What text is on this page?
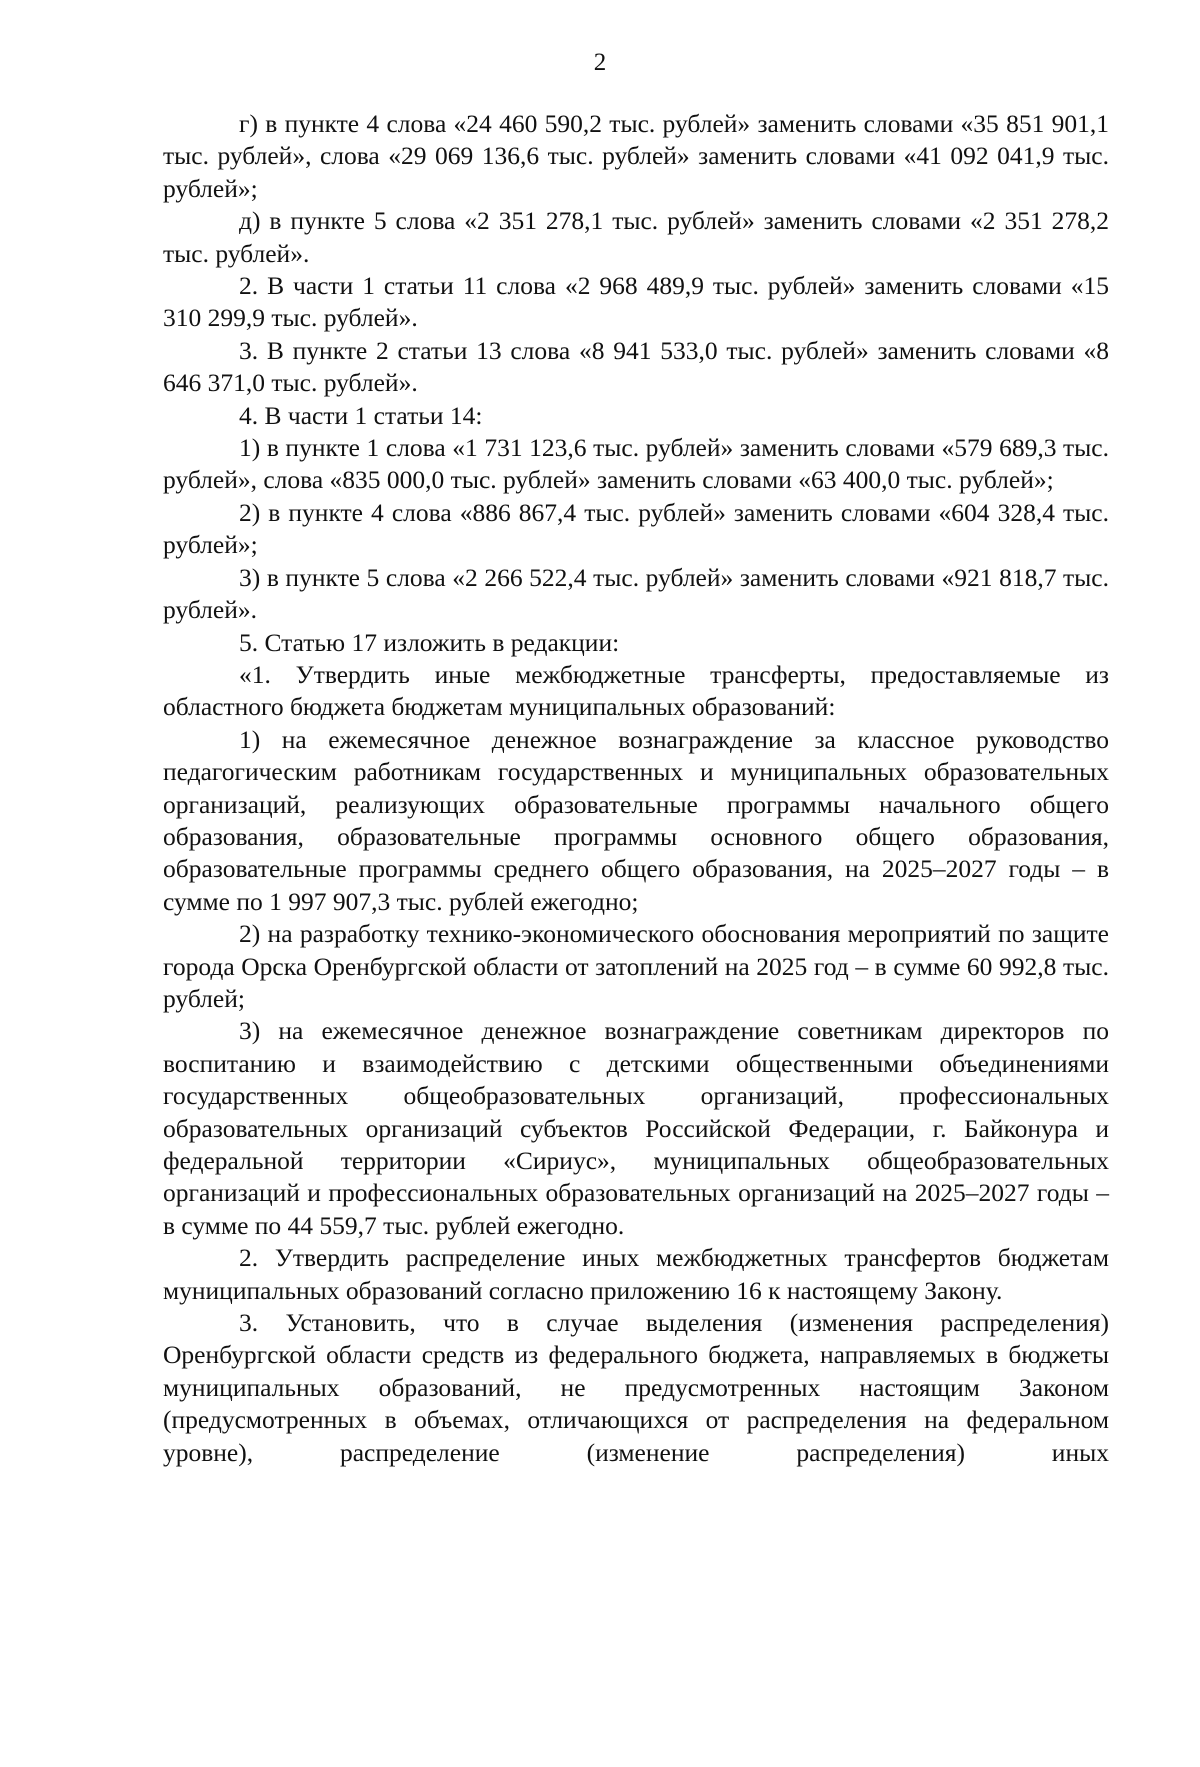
2

г) в пункте 4 слова «24 460 590,2 тыс. рублей» заменить словами «35 851 901,1 тыс. рублей», слова «29 069 136,6 тыс. рублей» заменить словами «41 092 041,9 тыс. рублей»;

д) в пункте 5 слова «2 351 278,1 тыс. рублей» заменить словами «2 351 278,2 тыс. рублей».

2. В части 1 статьи 11 слова «2 968 489,9 тыс. рублей» заменить словами «15 310 299,9 тыс. рублей».

3. В пункте 2 статьи 13 слова «8 941 533,0 тыс. рублей» заменить словами «8 646 371,0 тыс. рублей».

4. В части 1 статьи 14:

1) в пункте 1 слова «1 731 123,6 тыс. рублей» заменить словами «579 689,3 тыс. рублей», слова «835 000,0 тыс. рублей» заменить словами «63 400,0 тыс. рублей»;

2) в пункте 4 слова «886 867,4 тыс. рублей» заменить словами «604 328,4 тыс. рублей»;

3) в пункте 5 слова «2 266 522,4 тыс. рублей» заменить словами «921 818,7 тыс. рублей».

5. Статью 17 изложить в редакции:

«1. Утвердить иные межбюджетные трансферты, предоставляемые из областного бюджета бюджетам муниципальных образований:

1) на ежемесячное денежное вознаграждение за классное руководство педагогическим работникам государственных и муниципальных образовательных организаций, реализующих образовательные программы начального общего образования, образовательные программы основного общего образования, образовательные программы среднего общего образования, на 2025–2027 годы – в сумме по 1 997 907,3 тыс. рублей ежегодно;

2) на разработку технико-экономического обоснования мероприятий по защите города Орска Оренбургской области от затоплений на 2025 год – в сумме 60 992,8 тыс. рублей;

3) на ежемесячное денежное вознаграждение советникам директоров по воспитанию и взаимодействию с детскими общественными объединениями государственных общеобразовательных организаций, профессиональных образовательных организаций субъектов Российской Федерации, г. Байконура и федеральной территории «Сириус», муниципальных общеобразовательных организаций и профессиональных образовательных организаций на 2025–2027 годы – в сумме по 44 559,7 тыс. рублей ежегодно.

2. Утвердить распределение иных межбюджетных трансфертов бюджетам муниципальных образований согласно приложению 16 к настоящему Закону.

3. Установить, что в случае выделения (изменения распределения) Оренбургской области средств из федерального бюджета, направляемых в бюджеты муниципальных образований, не предусмотренных настоящим Законом (предусмотренных в объемах, отличающихся от распределения на федеральном уровне), распределение (изменение распределения) иных
